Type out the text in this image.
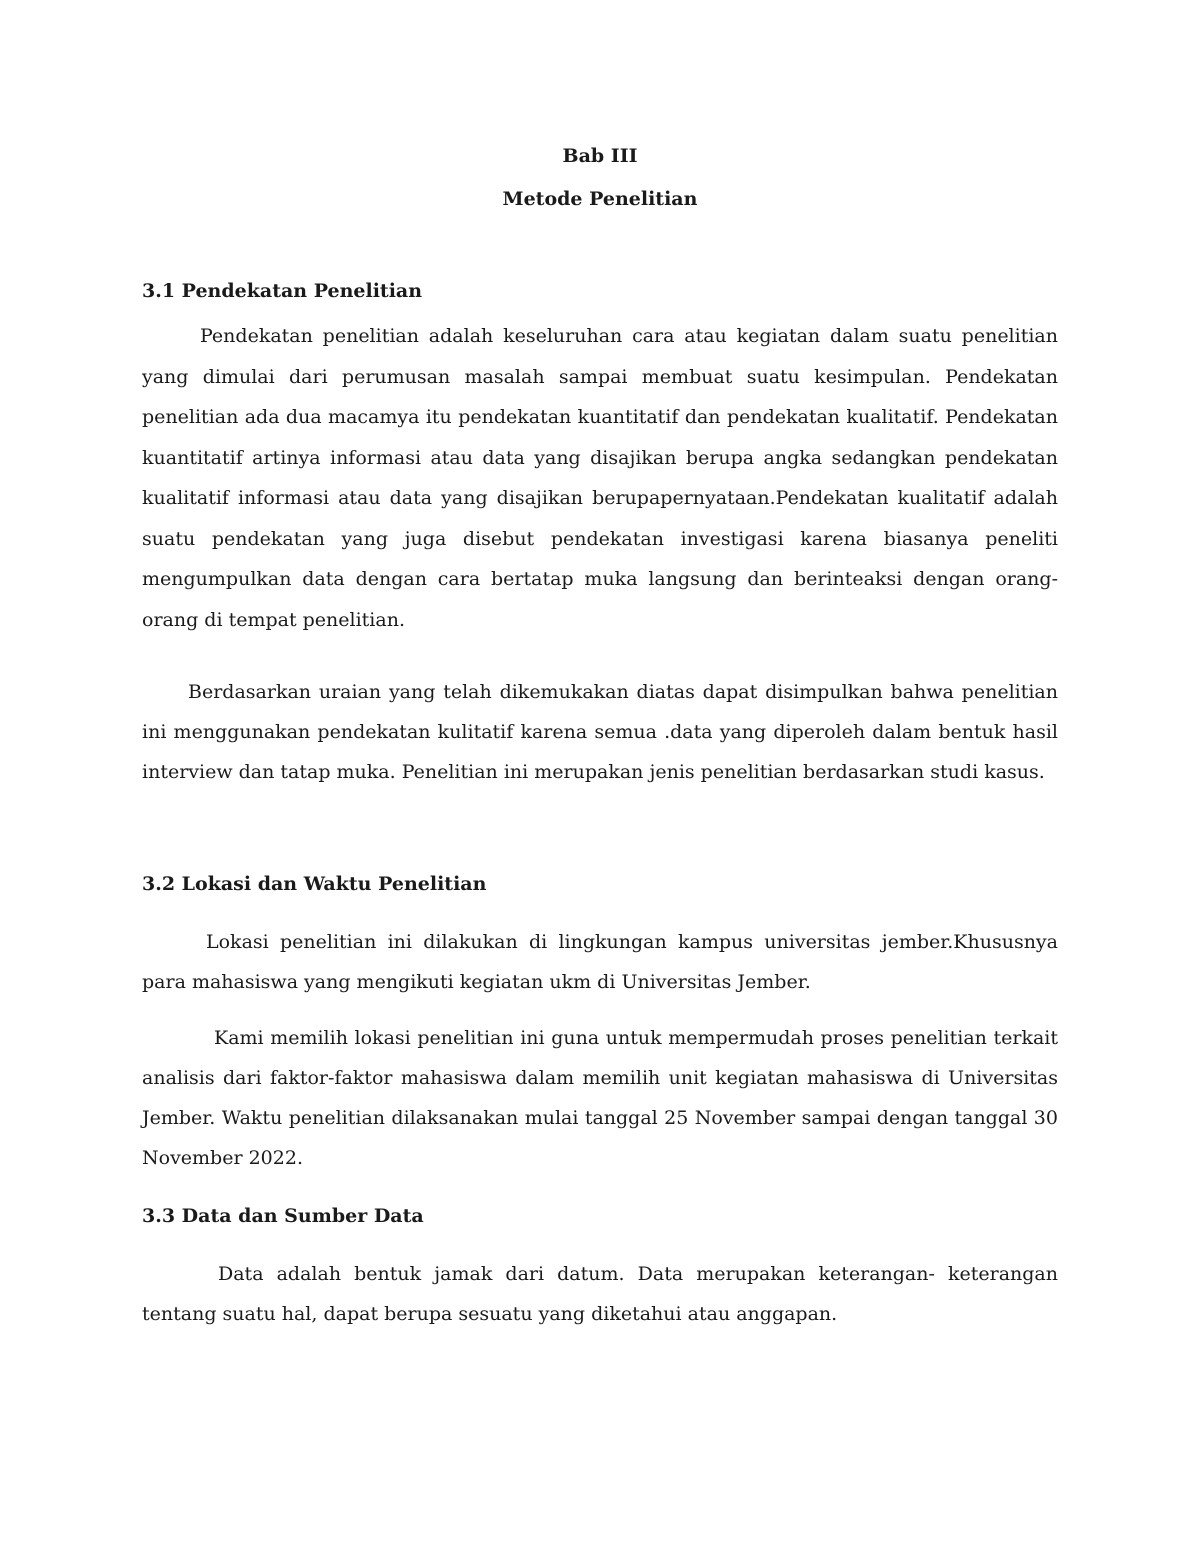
Bab III
Metode Penelitian
3.1 Pendekatan Penelitian

Pendekatan penelitian adalah keseluruhan cara atau kegiatan dalam suatu penelitian yang dimulai dari perumusan masalah sampai membuat suatu kesimpulan. Pendekatan penelitian ada dua macamya itu pendekatan kuantitatif dan pendekatan kualitatif. Pendekatan kuantitatif artinya informasi atau data yang disajikan berupa angka sedangkan pendekatan kualitatif informasi atau data yang disajikan berupapernyataan.Pendekatan kualitatif adalah suatu pendekatan yang juga disebut pendekatan investigasi karena biasanya peneliti mengumpulkan data dengan cara bertatap muka langsung dan berinteaksi dengan orang-orang di tempat penelitian.

Berdasarkan uraian yang telah dikemukakan diatas dapat disimpulkan bahwa penelitian ini menggunakan pendekatan kulitatif karena semua .data yang diperoleh dalam bentuk hasil interview dan tatap muka. Penelitian ini merupakan jenis penelitian berdasarkan studi kasus.

3.2 Lokasi dan Waktu Penelitian

Lokasi penelitian ini dilakukan di lingkungan kampus universitas jember.Khususnya para mahasiswa yang mengikuti kegiatan ukm di Universitas Jember.

Kami memilih lokasi penelitian ini guna untuk mempermudah proses penelitian terkait analisis dari faktor-faktor mahasiswa dalam memilih unit kegiatan mahasiswa di Universitas Jember. Waktu penelitian dilaksanakan mulai tanggal 25 November sampai dengan tanggal 30 November 2022.

3.3 Data dan Sumber Data

Data adalah bentuk jamak dari datum. Data merupakan keterangan- keterangan tentang suatu hal, dapat berupa sesuatu yang diketahui atau anggapan.
